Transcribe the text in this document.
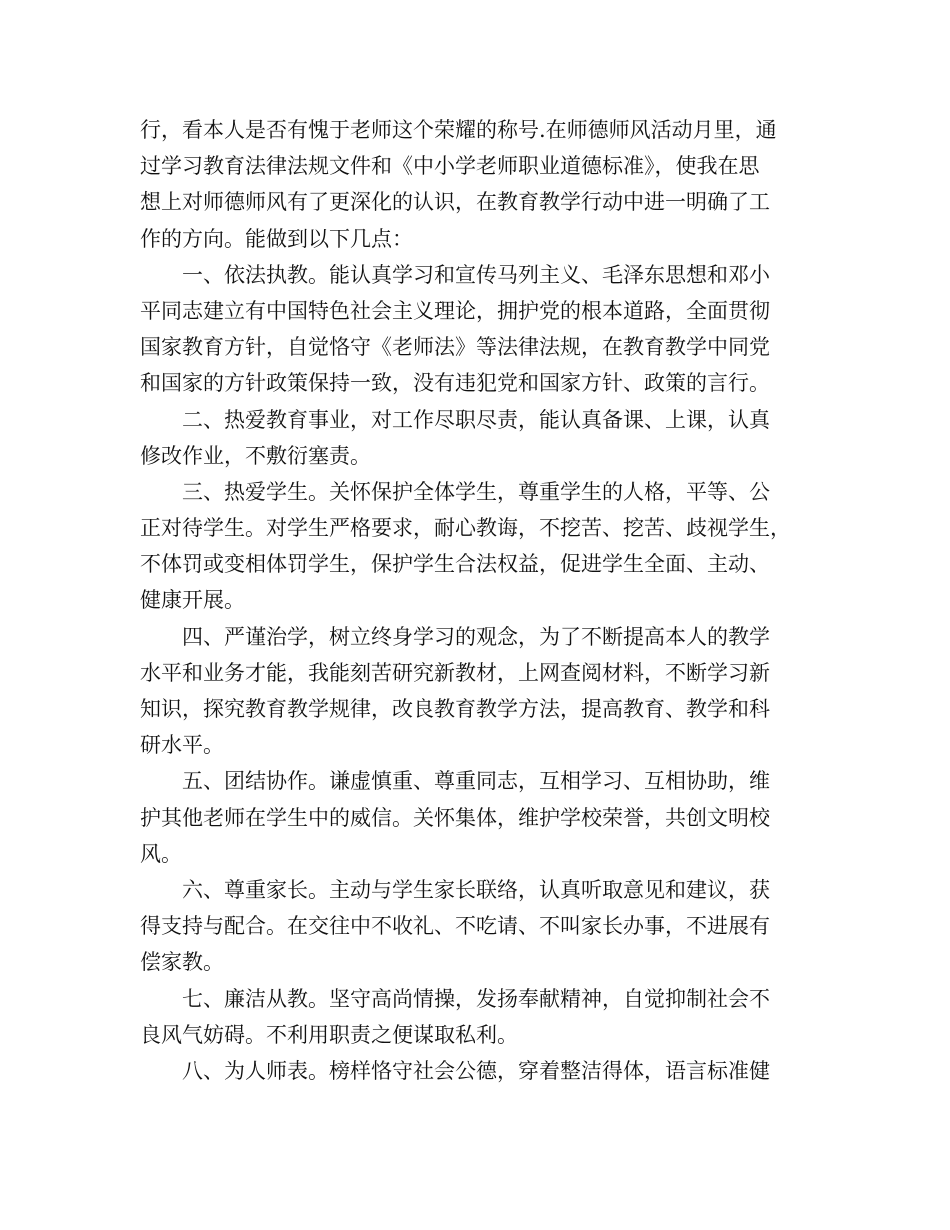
行，看本人是否有愧于老师这个荣耀的称号.在师德师风活动月里，通
过学习教育法律法规文件和《中小学老师职业道德标准》，使我在思
想上对师德师风有了更深化的认识，在教育教学行动中进一明确了工
作的方向。能做到以下几点：
一、依法执教。能认真学习和宣传马列主义、毛泽东思想和邓小
平同志建立有中国特色社会主义理论，拥护党的根本道路，全面贯彻
国家教育方针，自觉恪守《老师法》等法律法规，在教育教学中同党
和国家的方针政策保持一致，没有违犯党和国家方针、政策的言行。
二、热爱教育事业，对工作尽职尽责，能认真备课、上课，认真
修改作业，不敷衍塞责。
三、热爱学生。关怀保护全体学生，尊重学生的人格，平等、公
正对待学生。对学生严格要求，耐心教诲，不挖苦、挖苦、歧视学生，
不体罚或变相体罚学生，保护学生合法权益，促进学生全面、主动、
健康开展。
四、严谨治学，树立终身学习的观念，为了不断提高本人的教学
水平和业务才能，我能刻苦研究新教材，上网查阅材料，不断学习新
知识，探究教育教学规律，改良教育教学方法，提高教育、教学和科
研水平。
五、团结协作。谦虚慎重、尊重同志，互相学习、互相协助，维
护其他老师在学生中的威信。关怀集体，维护学校荣誉，共创文明校
风。
六、尊重家长。主动与学生家长联络，认真听取意见和建议，获
得支持与配合。在交往中不收礼、不吃请、不叫家长办事，不进展有
偿家教。
七、廉洁从教。坚守高尚情操，发扬奉献精神，自觉抑制社会不
良风气妨碍。不利用职责之便谋取私利。
八、为人师表。榜样恪守社会公德，穿着整洁得体，语言标准健
